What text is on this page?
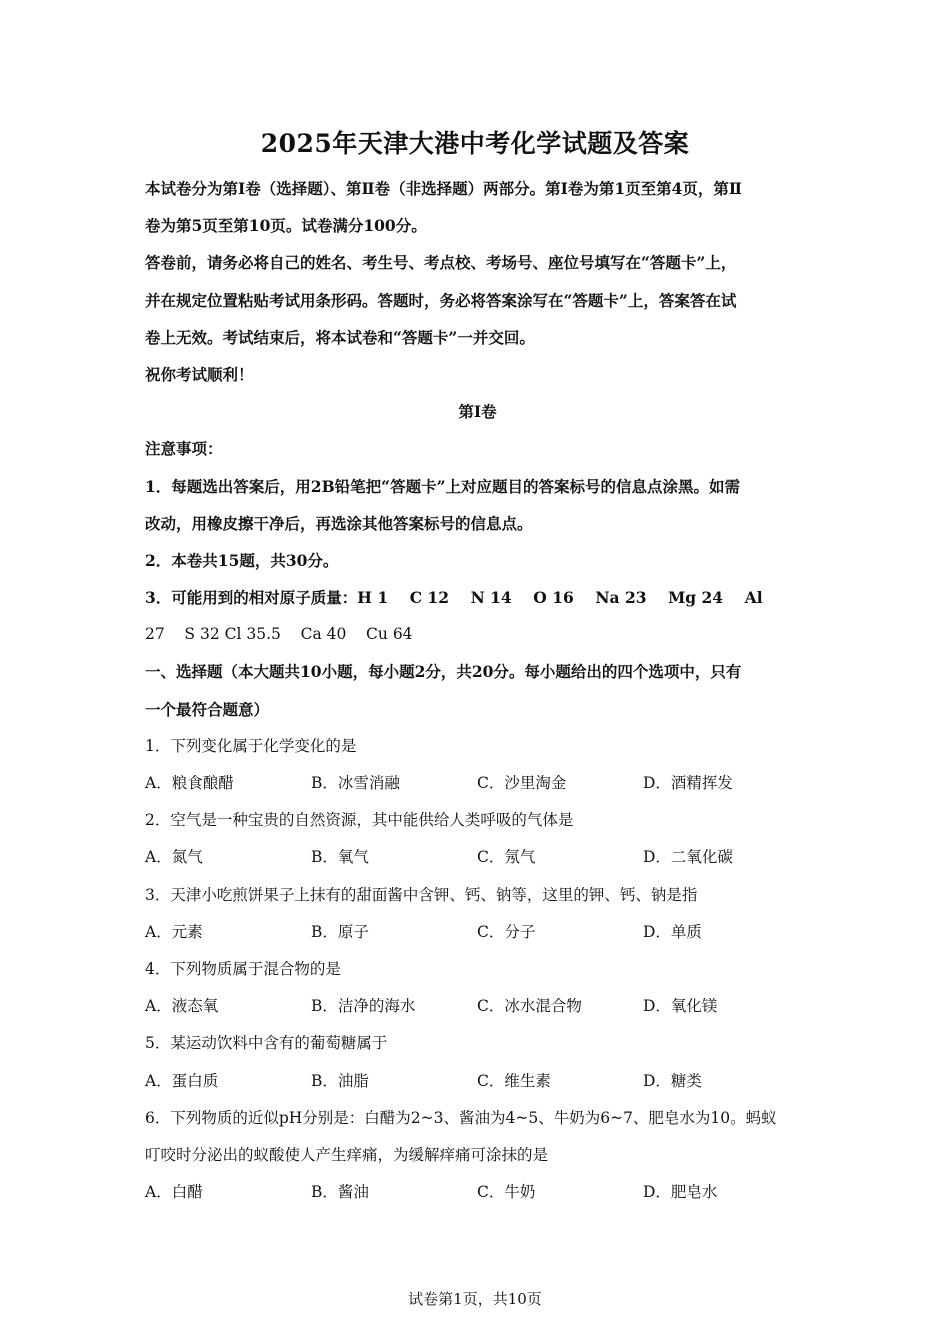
2025年天津大港中考化学试题及答案
本试卷分为第Ⅰ卷（选择题）、第Ⅱ卷（非选择题）两部分。第Ⅰ卷为第1页至第4页，第Ⅱ
卷为第5页至第10页。试卷满分100分。
答卷前，请务必将自己的姓名、考生号、考点校、考场号、座位号填写在“答题卡”上，
并在规定位置粘贴考试用条形码。答题时，务必将答案涂写在“答题卡”上，答案答在试
卷上无效。考试结束后，将本试卷和“答题卡”一并交回。
祝你考试顺利！
第Ⅰ卷
注意事项：
1．每题选出答案后，用2B铅笔把“答题卡”上对应题目的答案标号的信息点涂黑。如需
改动，用橡皮擦干净后，再选涂其他答案标号的信息点。
2．本卷共15题，共30分。
3．可能用到的相对原子质量：H 1    C 12    N 14    O 16    Na 23    Mg 24    Al
27    S 32 Cl 35.5    Ca 40    Cu 64
一、选择题（本大题共10小题，每小题2分，共20分。每小题给出的四个选项中，只有
一个最符合题意）
1．下列变化属于化学变化的是
A．粮食酿醋	B．冰雪消融	C．沙里淘金	D．酒精挥发
2．空气是一种宝贵的自然资源，其中能供给人类呼吸的气体是
A．氮气	B．氧气	C．氖气	D．二氧化碳
3．天津小吃煎饼果子上抹有的甜面酱中含钾、钙、钠等，这里的钾、钙、钠是指
A．元素	B．原子	C．分子	D．单质
4．下列物质属于混合物的是
A．液态氧	B．洁净的海水	C．冰水混合物	D．氧化镁
5．某运动饮料中含有的葡萄糖属于
A．蛋白质	B．油脂	C．维生素	D．糖类
6．下列物质的近似pH分别是：白醋为2~3、酱油为4~5、牛奶为6~7、肥皂水为10。蚂蚁
叮咬时分泌出的蚁酸使人产生痒痛，为缓解痒痛可涂抹的是
A．白醋	B．酱油	C．牛奶	D．肥皂水
试卷第1页，共10页
